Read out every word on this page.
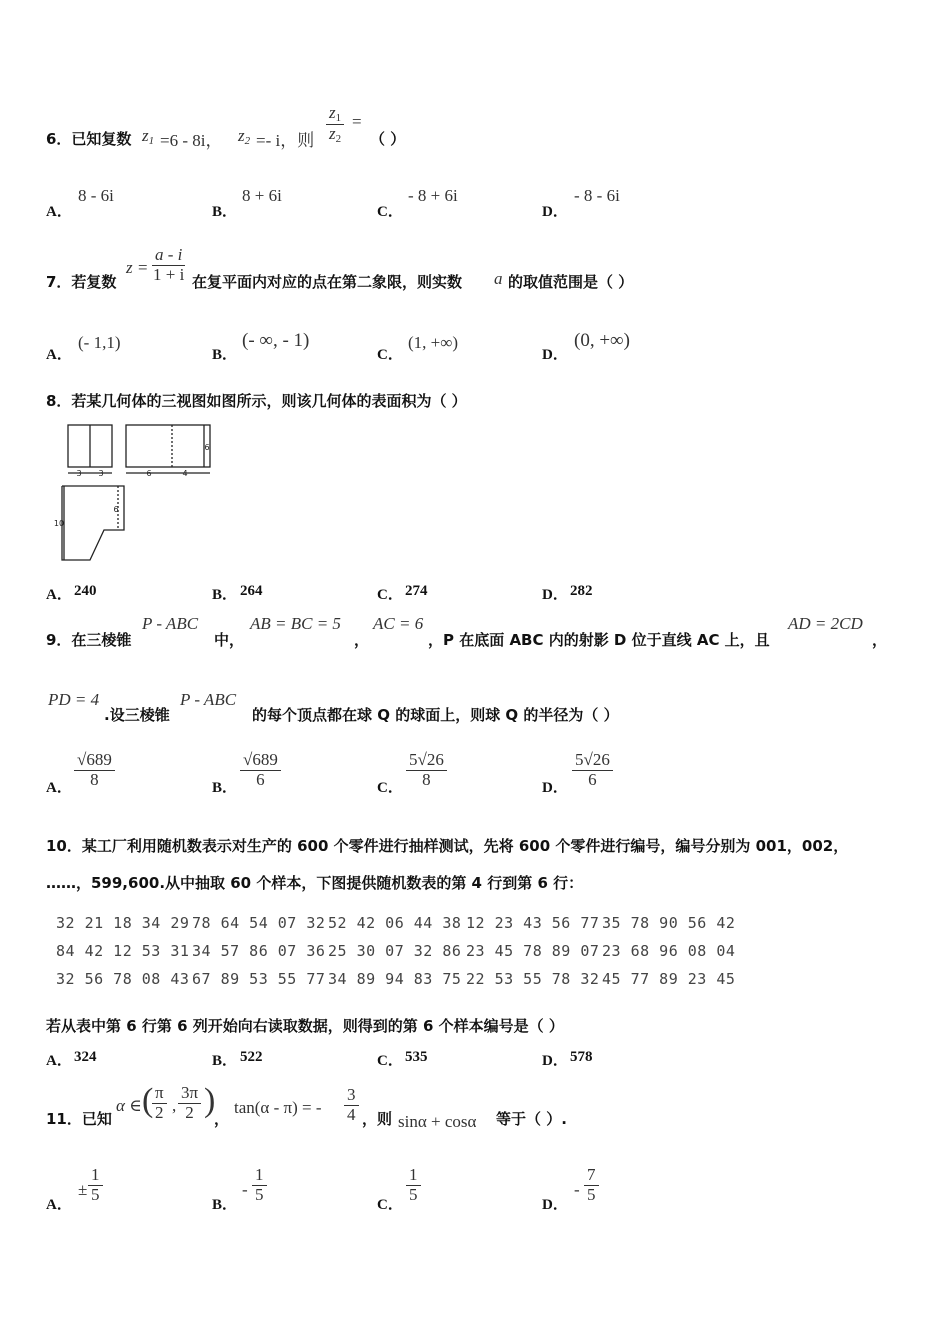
6．已知复数 $z_1 =6 - 8i$， $z_2 =- i$，则 $\frac{z_1}{z_2}$ =
（ ）
A．
8 - 6i
B．
8 + 6i
C．
- 8 + 6i
D．
- 8 - 6i
7．若复数
$z = \frac{a - i}{1 + i}$ 在复平面内对应的点在第二象限，则实数 a 的取值范围是（ ）
A．
(- 1,1)
B．
(- ∞, - 1)
C．
(1, +∞)
D．
(0, +∞)
8．若某几何体的三视图如图所示，则该几何体的表面积为（ ）
3 3	6	4
6
10
6
A． 240	B． 264	C． 274	D． 282
9．在三棱锥
P - ABC
中，
AB = BC = 5
，
AC = 6
，P 在底面 ABC 内的射影 D 位于直线 AC 上，且
AD = 2CD
，
PD = 4
.设三棱锥
P - ABC
的每个顶点都在球 Q 的球面上，则球 Q 的半径为（ ）
A． $\frac{√689}{8}$	B． $\frac{√689}{6}$	C． $\frac{5√26}{8}$	D． $\frac{5√26}{6}$
10．某工厂利用随机数表示对生产的 600 个零件进行抽样测试，先将 600 个零件进行编号，编号分别为 001，002，
……，599,600.从中抽取 60 个样本，下图提供随机数表的第 4 行到第 6 行：
32 21 18 34 29 78 64 54 07 32 52 42 06 44 38 12 23 43 56 77 35 78 90 56 42
84 42 12 53 31 34 57 86 07 36 25 30 07 32 86 23 45 78 89 07 23 68 96 08 04
32 56 78 08 43 67 89 53 55 77 34 89 94 83 75 22 53 55 78 32 45 77 89 23 45
若从表中第 6 行第 6 列开始向右读取数据，则得到的第 6 个样本编号是（ ）
A． 324	B． 522	C． 535	D． 578
11．已知
α ∈ (
$\frac{\pi}{2}$ , $\frac{3\pi}{2}$ )
，
tan(α - π) = - $\frac{3}{4}$ ，则 sinα + cosα 等于（ ）.
A．
± $\frac{1}{5}$
B．
- $\frac{1}{5}$
C．
$\frac{1}{5}$
D．
- $\frac{7}{5}$
